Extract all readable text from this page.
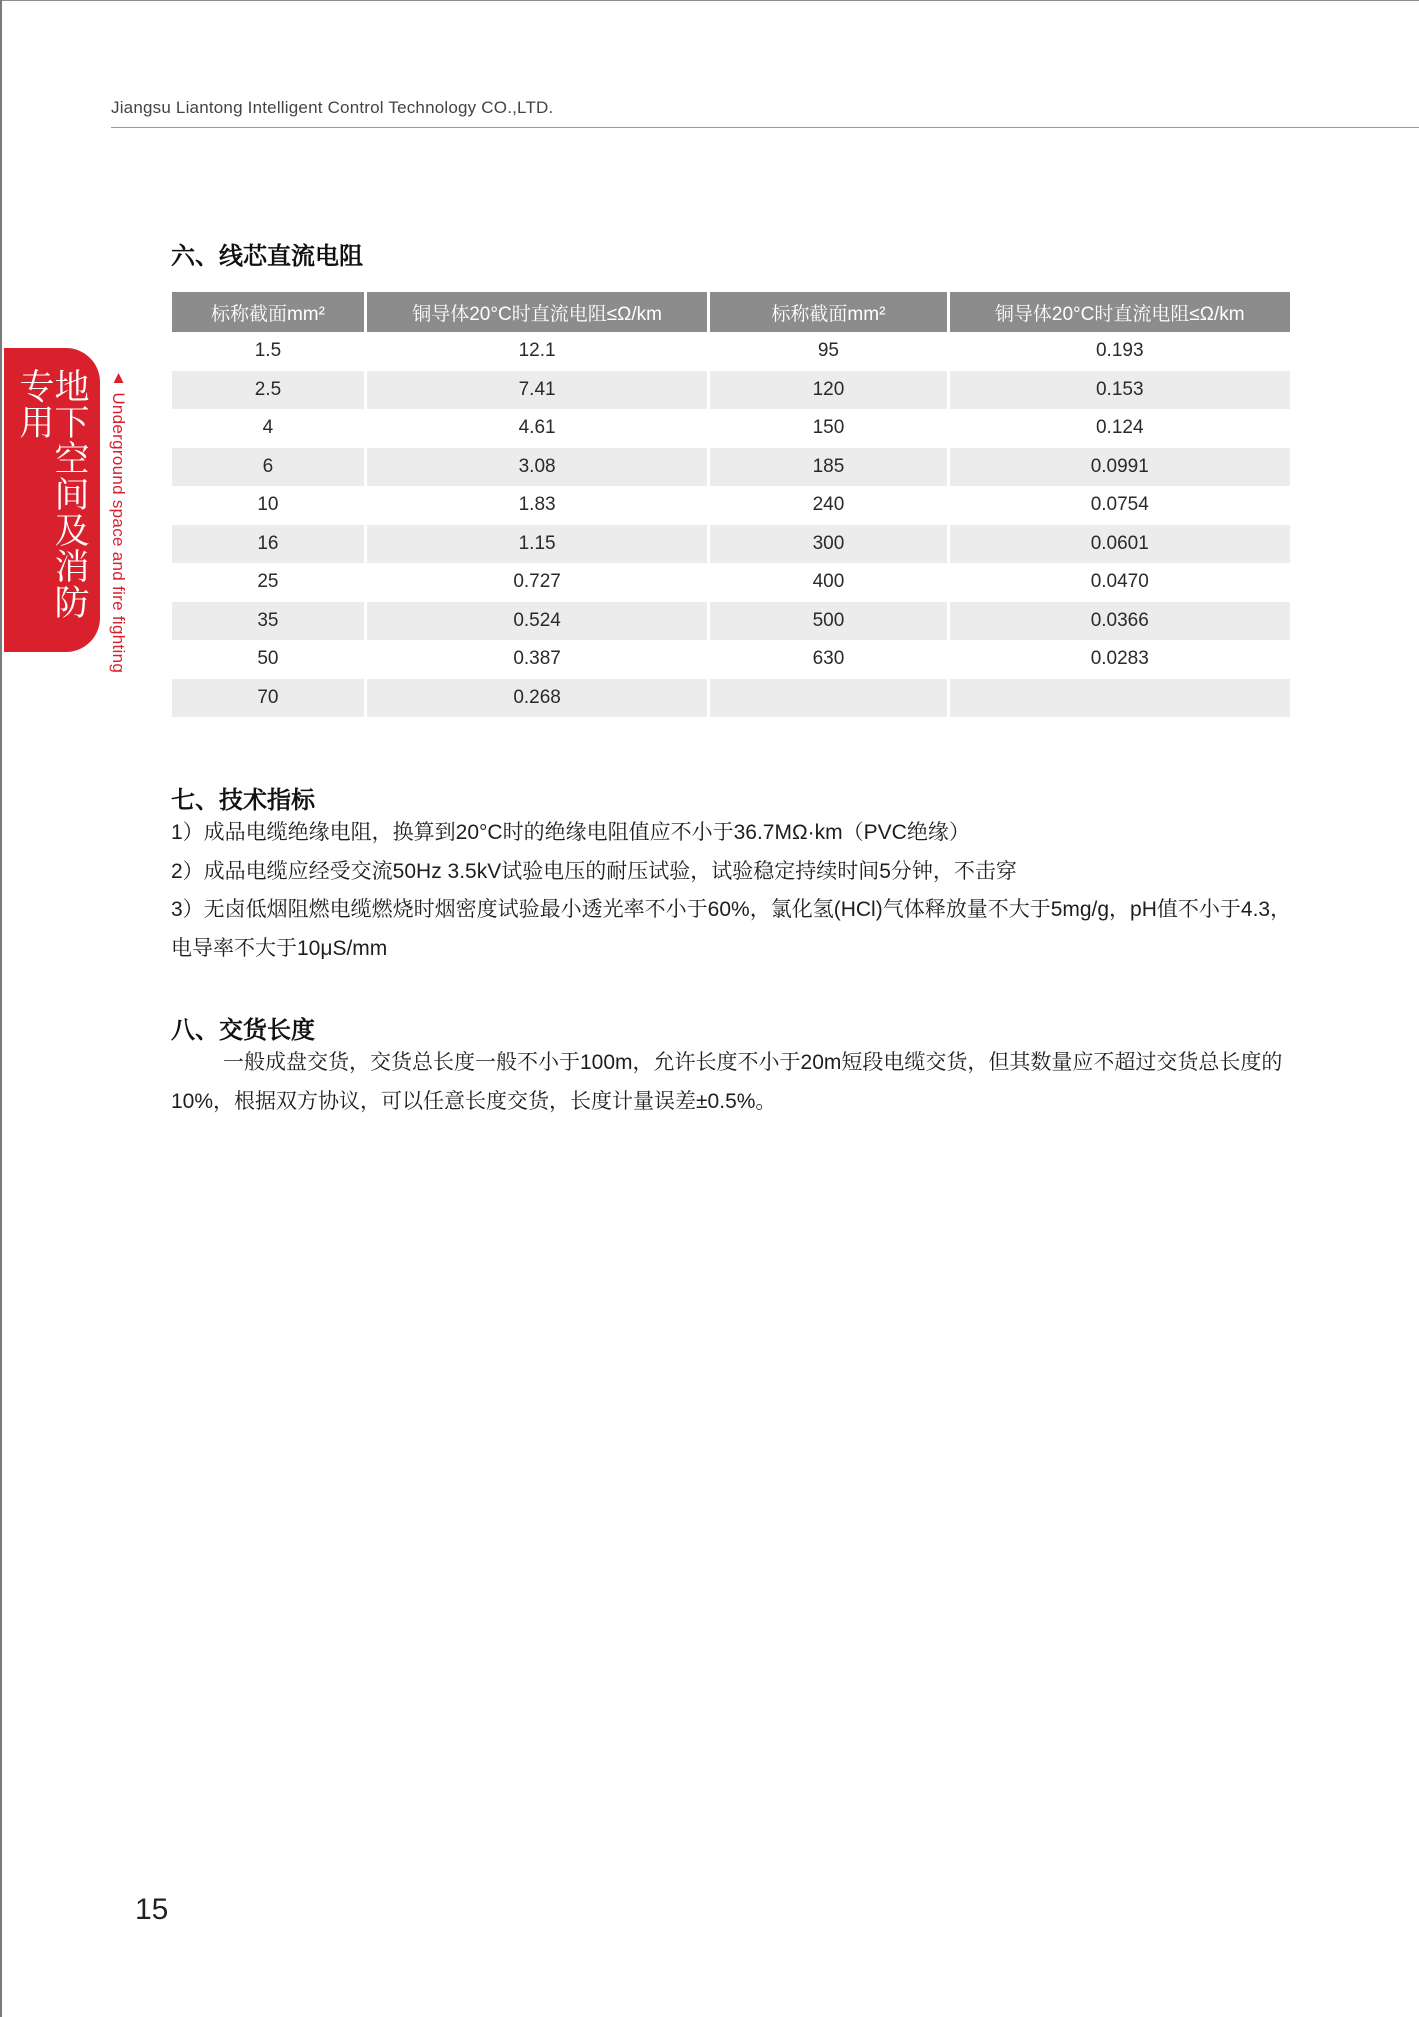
Jiangsu Liantong Intelligent Control Technology CO.,LTD.
地下空间及消防专用	▲ Underground space and fire fighting
六、线芯直流电阻
标称截面mm²	铜导体20°C时直流电阻≤Ω/km	标称截面mm²	铜导体20°C时直流电阻≤Ω/km
1.5	12.1	95	0.193
2.5	7.41	120	0.153
4	4.61	150	0.124
6	3.08	185	0.0991
10	1.83	240	0.0754
16	1.15	300	0.0601
25	0.727	400	0.0470
35	0.524	500	0.0366
50	0.387	630	0.0283
70	0.268		
七、技术指标

1）成品电缆绝缘电阻，换算到20°C时的绝缘电阻值应不小于36.7MΩ·km（PVC绝缘）

2）成品电缆应经受交流50Hz 3.5kV试验电压的耐压试验，试验稳定持续时间5分钟，不击穿

3）无卤低烟阻燃电缆燃烧时烟密度试验最小透光率不小于60%，氯化氢(HCl)气体释放量不大于5mg/g，pH值不小于4.3，电导率不大于10μS/mm

八、交货长度

一般成盘交货，交货总长度一般不小于100m，允许长度不小于20m短段电缆交货，但其数量应不超过交货总长度的10%，根据双方协议，可以任意长度交货，长度计量误差±0.5%。

15
